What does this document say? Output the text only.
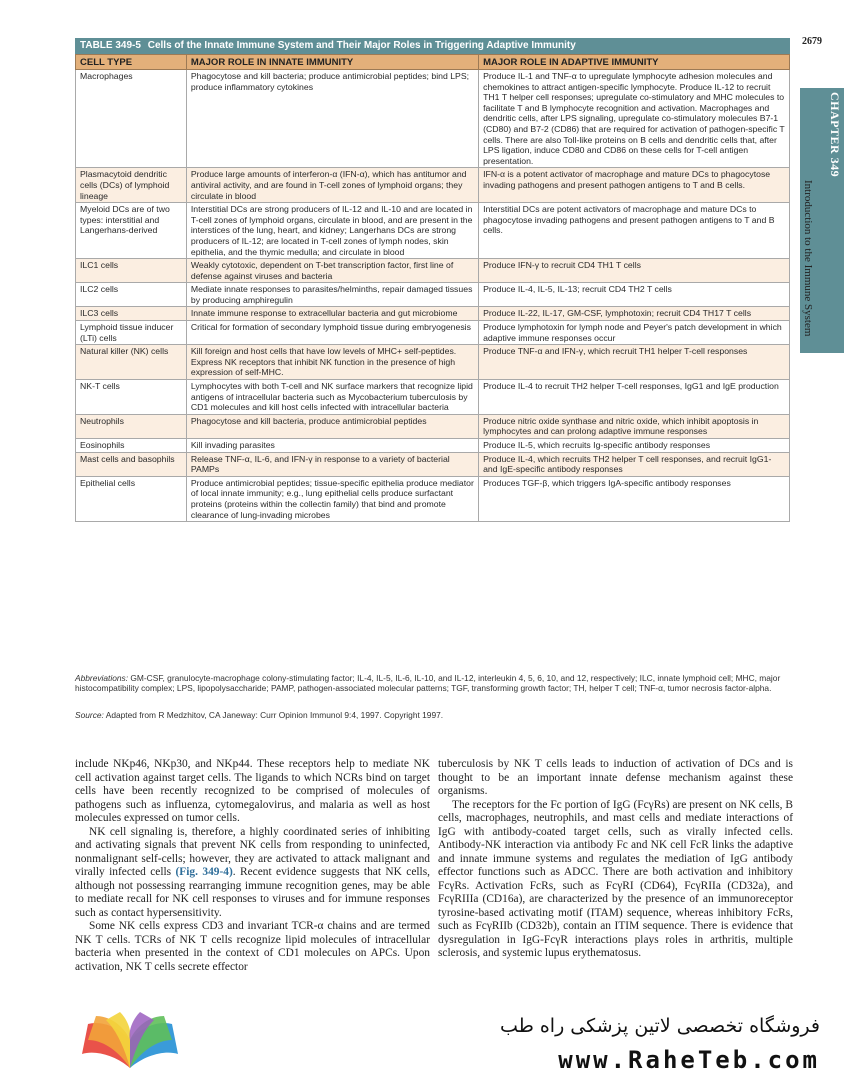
2679
CHAPTER 349
Introduction to the Immune System
TABLE 349-5 Cells of the Innate Immune System and Their Major Roles in Triggering Adaptive Immunity
CELL TYPE	MAJOR ROLE IN INNATE IMMUNITY	MAJOR ROLE IN ADAPTIVE IMMUNITY
Macrophages	Phagocytose and kill bacteria; produce antimicrobial peptides; bind LPS; produce inflammatory cytokines	Produce IL-1 and TNF-α to upregulate lymphocyte adhesion molecules and chemokines to attract antigen-specific lymphocyte. Produce IL-12 to recruit TH1 T helper cell responses; upregulate co-stimulatory and MHC molecules to facilitate T and B lymphocyte recognition and activation. Macrophages and dendritic cells, after LPS signaling, upregulate co-stimulatory molecules B7-1 (CD80) and B7-2 (CD86) that are required for activation of pathogen-specific T cells. There are also Toll-like proteins on B cells and dendritic cells that, after LPS ligation, induce CD80 and CD86 on these cells for T-cell antigen presentation.
Plasmacytoid dendritic cells (DCs) of lymphoid lineage	Produce large amounts of interferon-α (IFN-α), which has antitumor and antiviral activity, and are found in T-cell zones of lymphoid organs; they circulate in blood	IFN-α is a potent activator of macrophage and mature DCs to phagocytose invading pathogens and present pathogen antigens to T and B cells.
Myeloid DCs are of two types: interstitial and Langerhans-derived	Interstitial DCs are strong producers of IL-12 and IL-10 and are located in T-cell zones of lymphoid organs, circulate in blood, and are present in the interstices of the lung, heart, and kidney; Langerhans DCs are strong producers of IL-12; are located in T-cell zones of lymph nodes, skin epithelia, and the thymic medulla; and circulate in blood	Interstitial DCs are potent activators of macrophage and mature DCs to phagocytose invading pathogens and present pathogen antigens to T and B cells.
ILC1 cells	Weakly cytotoxic, dependent on T-bet transcription factor, first line of defense against viruses and bacteria	Produce IFN-γ to recruit CD4 TH1 T cells
ILC2 cells	Mediate innate responses to parasites/helminths, repair damaged tissues by producing amphiregulin	Produce IL-4, IL-5, IL-13; recruit CD4 TH2 T cells
ILC3 cells	Innate immune response to extracellular bacteria and gut microbiome	Produce IL-22, IL-17, GM-CSF, lymphotoxin; recruit CD4 TH17 T cells
Lymphoid tissue inducer (LTi) cells	Critical for formation of secondary lymphoid tissue during embryogenesis	Produce lymphotoxin for lymph node and Peyer's patch development in which adaptive immune responses occur
Natural killer (NK) cells	Kill foreign and host cells that have low levels of MHC+ self-peptides. Express NK receptors that inhibit NK function in the presence of high expression of self-MHC.	Produce TNF-α and IFN-γ, which recruit TH1 helper T-cell responses
NK-T cells	Lymphocytes with both T-cell and NK surface markers that recognize lipid antigens of intracellular bacteria such as Mycobacterium tuberculosis by CD1 molecules and kill host cells infected with intracellular bacteria	Produce IL-4 to recruit TH2 helper T-cell responses, IgG1 and IgE production
Neutrophils	Phagocytose and kill bacteria, produce antimicrobial peptides	Produce nitric oxide synthase and nitric oxide, which inhibit apoptosis in lymphocytes and can prolong adaptive immune responses
Eosinophils	Kill invading parasites	Produce IL-5, which recruits Ig-specific antibody responses
Mast cells and basophils	Release TNF-α, IL-6, and IFN-γ in response to a variety of bacterial PAMPs	Produce IL-4, which recruits TH2 helper T cell responses, and recruit IgG1- and IgE-specific antibody responses
Epithelial cells	Produce antimicrobial peptides; tissue-specific epithelia produce mediator of local innate immunity; e.g., lung epithelial cells produce surfactant proteins (proteins within the collectin family) that bind and promote clearance of lung-invading microbes	Produces TGF-β, which triggers IgA-specific antibody responses
Abbreviations: GM-CSF, granulocyte-macrophage colony-stimulating factor; IL-4, IL-5, IL-6, IL-10, and IL-12, interleukin 4, 5, 6, 10, and 12, respectively; ILC, innate lymphoid cell; MHC, major histocompatibility complex; LPS, lipopolysaccharide; PAMP, pathogen-associated molecular patterns; TGF, transforming growth factor; TH, helper T cell; TNF-α, tumor necrosis factor-alpha.
Source: Adapted from R Medzhitov, CA Janeway: Curr Opinion Immunol 9:4, 1997. Copyright 1997.

include NKp46, NKp30, and NKp44. These receptors help to mediate NK cell activation against target cells. The ligands to which NCRs bind on target cells have been recently recognized to be comprised of molecules of pathogens such as influenza, cytomegalovirus, and malaria as well as host molecules expressed on tumor cells.

NK cell signaling is, therefore, a highly coordinated series of inhibiting and activating signals that prevent NK cells from responding to uninfected, nonmalignant self-cells; however, they are activated to attack malignant and virally infected cells (Fig. 349-4). Recent evidence suggests that NK cells, although not possessing rearranging immune recognition genes, may be able to mediate recall for NK cell responses to viruses and for immune responses such as contact hypersensitivity.

Some NK cells express CD3 and invariant TCR-α chains and are termed NK T cells. TCRs of NK T cells recognize lipid molecules of intracellular bacteria when presented in the context of CD1 molecules on APCs. Upon activation, NK T cells secrete effector

tuberculosis by NK T cells leads to induction of activation of DCs and is thought to be an important innate defense mechanism against these organisms.

The receptors for the Fc portion of IgG (FcγRs) are present on NK cells, B cells, macrophages, neutrophils, and mast cells and mediate interactions of IgG with antibody-coated target cells, such as virally infected cells. Antibody-NK interaction via antibody Fc and NK cell FcR links the adaptive and innate immune systems and regulates the mediation of IgG antibody effector functions such as ADCC. There are both activation and inhibitory FcγRs. Activation FcRs, such as FcγRI (CD64), FcγRIIa (CD32a), and FcγRIIIa (CD16a), are characterized by the presence of an immunoreceptor tyrosine-based activating motif (ITAM) sequence, whereas inhibitory FcRs, such as FcγRIIb (CD32b), contain an ITIM sequence. There is evidence that dysregulation in IgG-FcγR interactions plays roles in arthritis, multiple sclerosis, and systemic lupus erythematosus.

فروشگاه تخصصی لاتین پزشکی راه طب
www.RaheTeb.com
